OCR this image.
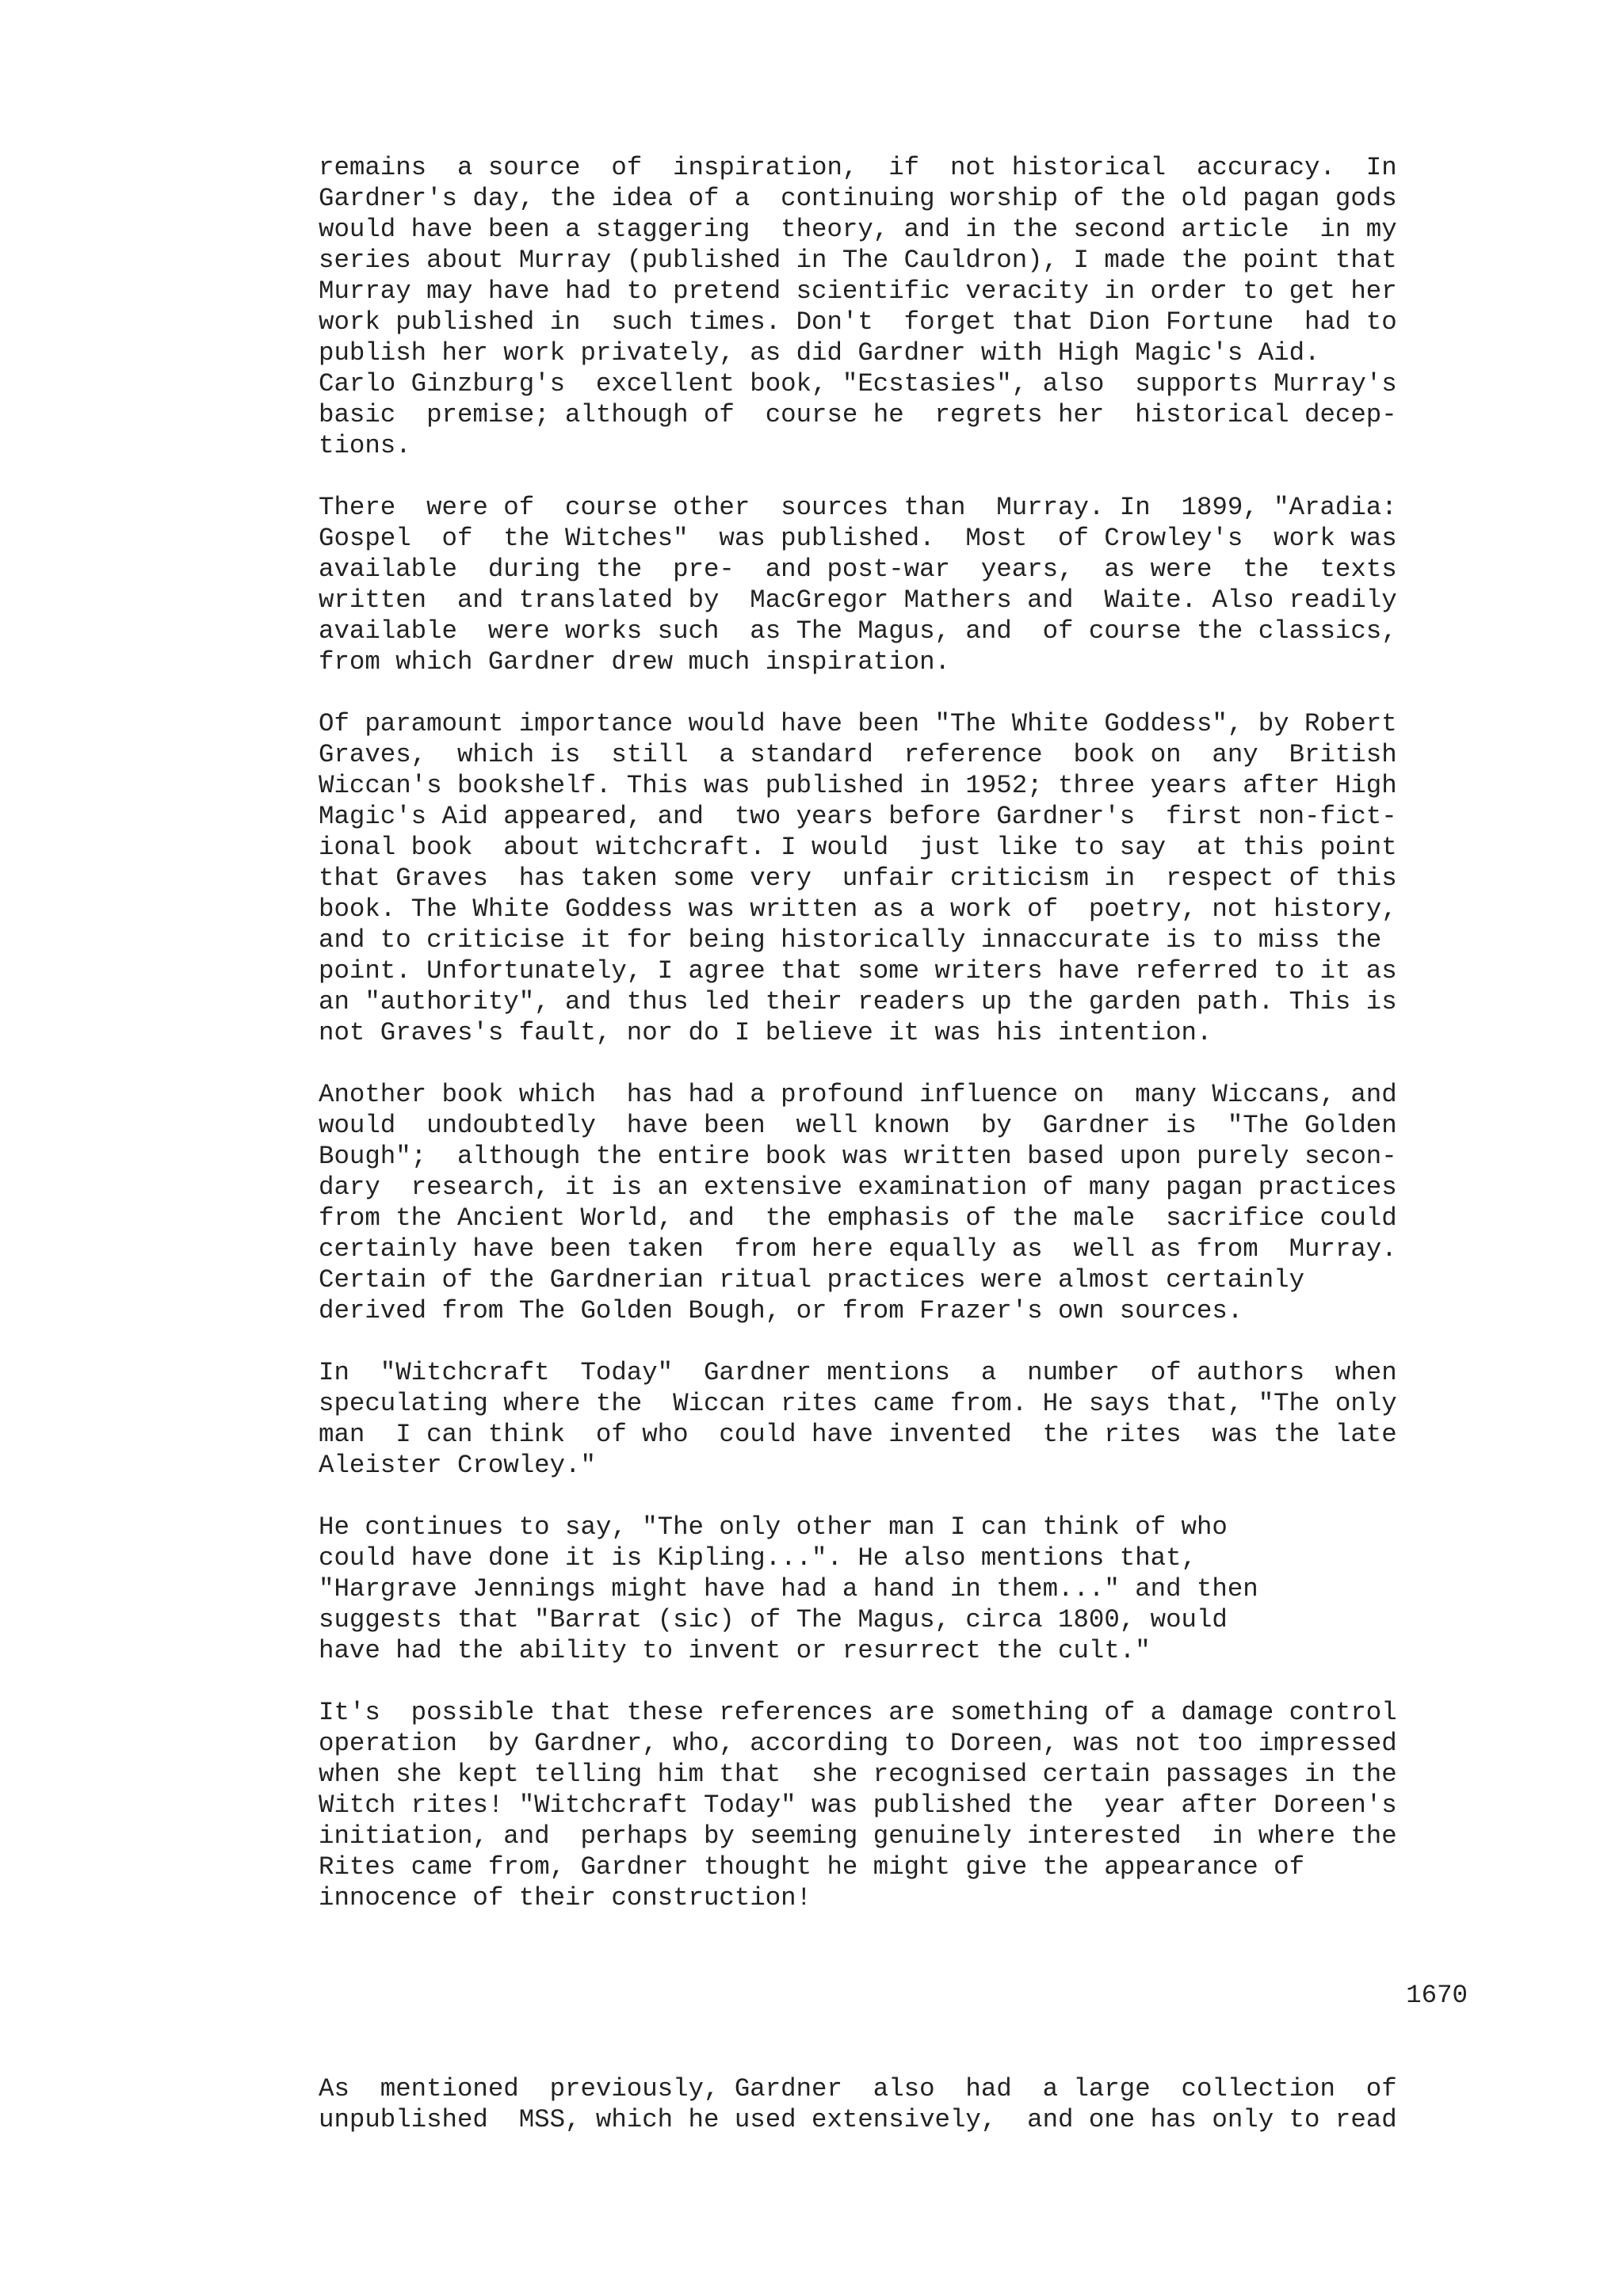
remains  a source  of  inspiration,  if  not historical  accuracy.  In
Gardner's day, the idea of a  continuing worship of the old pagan gods
would have been a staggering  theory, and in the second article  in my
series about Murray (published in The Cauldron), I made the point that
Murray may have had to pretend scientific veracity in order to get her
work published in  such times. Don't  forget that Dion Fortune  had to
publish her work privately, as did Gardner with High Magic's Aid.
Carlo Ginzburg's  excellent book, "Ecstasies", also  supports Murray's
basic  premise; although of  course he  regrets her  historical decep-
tions.
There  were of  course other  sources than  Murray. In  1899, "Aradia:
Gospel  of  the Witches"  was published.  Most  of Crowley's  work was
available  during the  pre-  and post-war  years,  as were  the  texts
written  and translated by  MacGregor Mathers and  Waite. Also readily
available  were works such  as The Magus, and  of course the classics,
from which Gardner drew much inspiration.
Of paramount importance would have been "The White Goddess", by Robert
Graves,  which is  still  a standard  reference  book on  any  British
Wiccan's bookshelf. This was published in 1952; three years after High
Magic's Aid appeared, and  two years before Gardner's  first non-fict-
ional book  about witchcraft. I would  just like to say  at this point
that Graves  has taken some very  unfair criticism in  respect of this
book. The White Goddess was written as a work of  poetry, not history,
and to criticise it for being historically innaccurate is to miss the
point. Unfortunately, I agree that some writers have referred to it as
an "authority", and thus led their readers up the garden path. This is
not Graves's fault, nor do I believe it was his intention.
Another book which  has had a profound influence on  many Wiccans, and
would  undoubtedly  have been  well known  by  Gardner is  "The Golden
Bough";  although the entire book was written based upon purely secon-
dary  research, it is an extensive examination of many pagan practices
from the Ancient World, and  the emphasis of the male  sacrifice could
certainly have been taken  from here equally as  well as from  Murray.
Certain of the Gardnerian ritual practices were almost certainly
derived from The Golden Bough, or from Frazer's own sources.
In  "Witchcraft  Today"  Gardner mentions  a  number  of authors  when
speculating where the  Wiccan rites came from. He says that, "The only
man  I can think  of who  could have invented  the rites  was the late
Aleister Crowley."
He continues to say, "The only other man I can think of who
could have done it is Kipling...". He also mentions that,
"Hargrave Jennings might have had a hand in them..." and then
suggests that "Barrat (sic) of The Magus, circa 1800, would
have had the ability to invent or resurrect the cult."
It's  possible that these references are something of a damage control
operation  by Gardner, who, according to Doreen, was not too impressed
when she kept telling him that  she recognised certain passages in the
Witch rites! "Witchcraft Today" was published the  year after Doreen's
initiation, and  perhaps by seeming genuinely interested  in where the
Rites came from, Gardner thought he might give the appearance of
innocence of their construction!
1670
As  mentioned  previously, Gardner  also  had  a large  collection  of
unpublished  MSS, which he used extensively,  and one has only to read
